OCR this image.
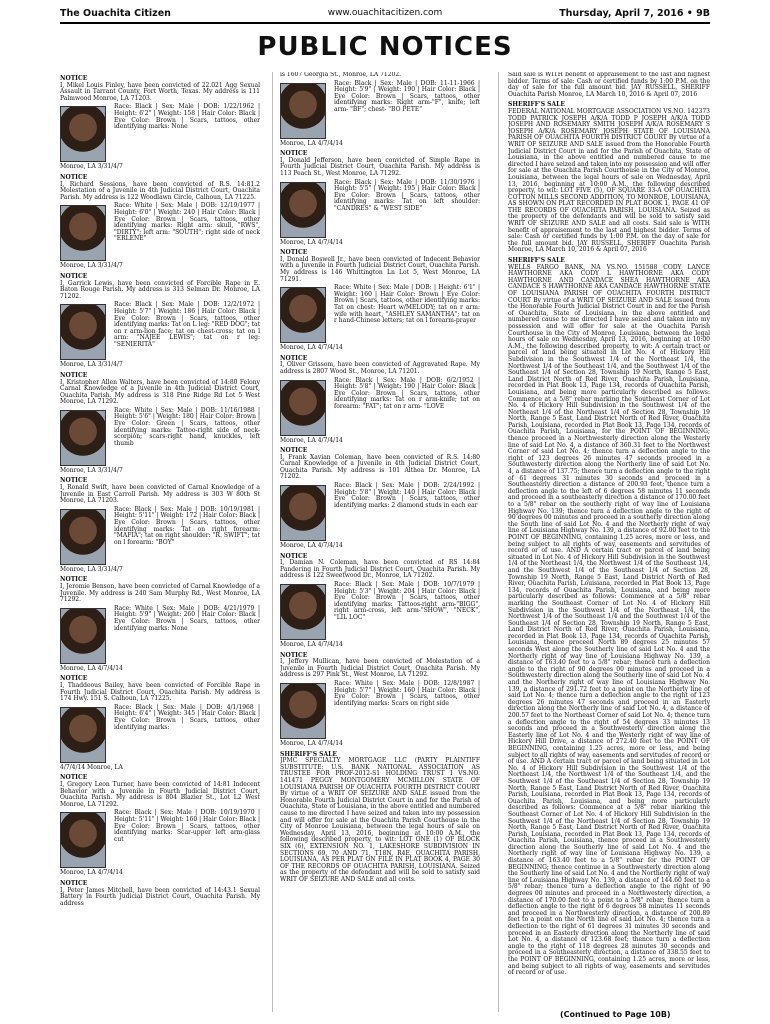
The Ouachita Citizen	www.ouachitacitizen.com	Thursday, April 7, 2016 • 9B
PUBLIC NOTICES
NOTICE
I, Mikel Louis Finley, have been convicted of 22.021 Agg Sexual Assault in Tarrant County, Fort Worth, Texas. My address is 111 Palmwood Monroe, LA 71203.
Race: Black | Sex: Male | DOB: 1/22/1962 | Height: 6'2" | Weight: 158 | Hair Color: Black | Eye Color: Brown | Scars, tattoos, other identifying marks: None
Monroe, LA 3/31/4/7
NOTICE
I, Richard Sessions, have been convicted of R.S. 14:81.2 Molestation of a Juvenile in 4th Judicial District Court, Ouachita Parish. My address is 122 Woodlawn Circle, Calhoun, LA 71225.
Race: White | Sex: Male | DOB: 12/19/1977 | Height: 6'0" | Weight: 240 | Hair Color: Black | Eye Color: Brown | Scars, tattoos, other identifying marks: Right arm: skull, "RWS", "DIRTY"; left arm: "SOUTH"; right side of neck "ERLENE"
Monroe, LA 3/31/4/7
NOTICE
I, Garrick Lewis, have been convicted of Forcible Rape in E. Baton Rouge Parish. My address is 313 Selman Dr. Monroe, LA 71202.
Race: Black | Sex: Male | DOB: 12/2/1972 | Height: 5'7" | Weight: 186 | Hair Color: Black | Eye Color: Brown | Scars, tattoos, other identifying marks: Tat on L leg: "RED DOG"; tat on r arm-lion face; tat on chest-cross; tat on l arm: "NAJEE LEWIS"; tat on r leg: "SENIERITA"
Monroe, LA 3/31/4/7
NOTICE
I, Kristopher Allen Walters, have been convicted of 14:80 Felony Carnal Knowledge of a Juvenile in 4th Judicial District Court, Ouachita Parish. My address is 318 Pine Ridge Rd Lot 5 West Monroe, LA 71292.
Race: White | Sex: Male | DOB: 11/16/1988 | Height: 5'6" | Weight: 180 | Hair Color: Brown | Eye Color: Green | Scars, tattoos, other identifying marks: Tattoo-right side of neck-scorpion; scars-right hand, knuckles, left thumb
Monroe, LA 3/31/4/7
NOTICE
I, Ronald Swift, have been convicted of Carnal Knowledge of a Juvenile in East Carroll Parish. My address is 303 W 80th St Monroe, LA 71203.
Race: Black | Sex: Male | DOB: 10/19/1981 | Height: 5'11" | Weight: 172 | Hair Color: Black | Eye Color: Brown | Scars, tattoos, other identifying marks: Tat on right forearm: "MAFIA"; tat on right shoulder: "R. SWIFT"; tat on l forearm: "BOY"
Monroe, LA 3/31/4/7
NOTICE
I, Jeromie Benson, have been convicted of Carnal Knowledge of a Juvenile. My address is 240 Sam Murphy Rd., West Monroe, LA 71292.
Race: White | Sex: Male | DOB: 4/21/1979 | Height: 5'9" | Weight: 260 | Hair Color: Black | Eye Color: Brown | Scars, tattoos, other identifying marks: None
Monroe, LA 4/7/4/14
NOTICE
I, Thaddeous Bailey, have been convicted of Forcible Rape in Fourth Judicial District Court, Ouachita Parish. My address is 174 Hwy. 151 S. Calhoun, LA 71225.
Race: Black | Sex: Male | DOB: 4/1/1968 | Height: 6'4" | Weight: 345 | Hair Color: Black | Eye Color: Brown | Scars, tattoos, other identifying marks:
4/7/4/14 Monroe, LA
NOTICE
I, Gregory Leon Turner, have been convicted of 14:81 Indecent Behavior with a Juvenile in Fourth Judicial District Court, Ouachita Parish. My address is 804 Blazier St., Lot L2 West Monroe, LA 71292.
Race: Black | Sex: Male | DOB: 10/19/1970 | Height: 5'11" | Weight: 160 | Hair Color: Black | Eye Color: Brown | Scars, tattoos, other identifying marks: Scar-upper left arm-glass cut
Monroe, LA 4/7/4/14
NOTICE
I, Peter James Mitchell, have been convicted of 14:43.1 Sexual Battery in Fourth Judicial District Court, Ouachita Parish. My address
is 1607 Georgia St., Monroe, LA 71202.
Race: Black | Sex: Male | DOB: 11-11-1966 | Height: 5'9" | Weight: 190 | Hair Color: Black | Eye Color: Brown | Scars, tattoos, other identifying marks: Right arm-"F", knife; left arm- "BF"; chest- "BO PETE"
Monroe, LA 4/7/4/14
NOTICE
I, Donald Jefferson, have been convicted of Simple Rape in Fourth Judicial District Court, Ouachita Parish. My address is 113 Peach St., West Monroe, LA 71292.
Race: Black | Sex: Male | DOB: 11/30/1976 | Height: 5'5" | Weight: 195 | Hair Color: Black | Eye Color: Brown | Scars, tattoos, other identifying marks: Tat on left shoulder: "CANDRES" & "WEST SIDE"
Monroe, LA 4/7/4/14
NOTICE
I, Donald Boswell Jr., have been convicted of Indecent Behavior with a Juvenile in Fourth Judicial District Court, Ouachita Parish. My address is 146 Whittington Ln Lot 5, West Monroe, LA 71291.
Race: White | Sex: Male | DOB: | Height: 6'1" | Weight: 160 | Hair Color: Brown | Eye Color: Brown | Scars, tattoos, other identifying marks: Tat on chest: Heart w/MELODY; tat on r arm: wife with heart, "ASHLEY SAMANTHA"; tat on r hand-Chinese letters; tat on l forearm-prayer
Monroe, LA 4/7/4/14
NOTICE
I, Oliver Grissom, have been convicted of Aggravated Rape. My address is 2807 Wood St., Monroe, LA 71201.
Race: Black | Sex: Male | DOB: 6/2/1952 | Height: 5'8" | Weight: 190 | Hair Color: Black | Eye Color: Brown | Scars, tattoos, other identifying marks: Tat on r arm-knife; tat on forearm: "FAT"; tat on r arm- "LOVE
Monroe, LA 4/7/4/14
NOTICE
I, Frank Xavian Coleman, have been convicted of R.S. 14:80 Carnal Knowledge of a Juvenile in 4th Judicial District Court, Ouachita Parish. My address is 101 Althea Dr. Monroe, LA 71202.
Race: Black | Sex: Male | DOB: 2/24/1992 | Height: 5'8" | Weight: 140 | Hair Color: Black | Eye Color: Brown | Scars, tattoos, other identifying marks: 2 diamond studs in each ear
Monroe, LA 4/7/4/14
NOTICE
I, Damian N. Coleman, have been convicted of RS 14:84 Pandering in Fourth Judicial District Court, Ouachita Parish. My address is 122 Sweetwood Dr., Monroe, LA 71202.
Race: Black | Sex: Male | DOB: 10/7/1979 | Height: 5'3" | Weight: 204 | Hair Color: Black | Eye Color: Brown | Scars, tattoos, other identifying marks: Tattoos-right arm-"BIGG", right arm-cross, left arm-"SHOW", "NECK", "LIL LOC"
Monroe, LA 4/7/4/14
NOTICE
I, Jeffery Mullican, have been convicted of Molestation of a Juvenile in Fourth Judicial District Court, Ouachita Parish. My address is 297 Pink St., West Monroe, LA 71292.
Race: White | Sex: Male | DOB: 12/8/1987 | Height: 5'7" | Weight: 160 | Hair Color: Black | Eye Color: Brown | Scars, tattoos, other identifying marks: Scars on right side
Monroe, LA 4/7/4/14
SHERIFF'S SALE
JPMC SPECIALTY MORTGAGE LLC (PARTY PLAINTIFF SUBSTITUTE: U.S. BANK NATIONAL ASSOCIATION AS TRUSTEE FOR PROF-2012-S1 HOLDING TRUST I VS.NO. 141471 PEGGY MONTGOMERY MCMILLON STATE OF LOUISIANA PARISH OF OUACHITA FOURTH DISTRICT COURT By virtue of a WRIT OF SEIZURE AND SALE issued from the Honorable Fourth Judicial District Court in and for the Parish of Ouachita, State of Louisiana, in the above entitled and numbered cause to me directed I have seized and taken into my possession and will offer for sale at the Ouachita Parish Courthouse in the City of Monroe Louisiana, between the legal hours of sale on Wednesday, April 13, 2016, beginning at 10:00 A.M., the following described property, to wit: LOT ONE (1) OF BLOCK SIX (6), EXTENSION NO. 1, LAKESHORE SUBDIVISION IN SECTIONS 69, 70 AND 71, T18N, R4E, OUACHITA PARISH, LOUISIANA, AS PER PLAT ON FILE IN PLAT BOOK 4, PAGE 30 OF THE RECORDS OF OUACHITA PARISH, LOUISIANA. Seized as the property of the defendant and will be sold to satisfy said WRIT OF SEIZURE AND SALE and all costs.
Said sale is WITH benefit of appraisement to the last and highest bidder. Terms of sale: Cash or certified funds by 1:00 P.M. on the day of sale for the full amount bid. JAY RUSSELL, SHERIFF Ouachita Parish Monroe, LA March 10, 2016 & April 07, 2016
SHERIFF'S SALE
FEDERAL NATIONAL MORTGAGE ASSOCIATION VS.NO. 142373 TODD PATRICK JOSEPH A/K/A TODD P JOSEPH A/K/A TODD JOSEPH AND ROSEMARY SMITH JOSEPH A/K/A ROSEMARY S JOSEPH A/K/A ROSEMARY JOSEPH STATE OF LOUISIANA PARISH OF OUACHITA FOURTH DISTRICT COURT By virtue of a WRIT OF SEIZURE AND SALE issued from the Honorable Fourth Judicial District Court in and for the Parish of Ouachita, State of Louisiana, in the above entitled and numbered cause to me directed I have seized and taken into my possession and will offer for sale at the Ouachita Parish Courthouse in the City of Monroe, Louisiana, between the legal hours of sale on Wednesday, April 13, 2016, beginning at 10:00 A.M., the following described property, to wit: LOT FIVE (5), OF SQUARE 33-A OF OUACHITA COTTON MILLS SECOND ADDITION, TO MONROE, LOUISIANA, AS SHOWN ON PLAT RECORDED IN PLAT BOOK 1, PAGE 41 OF THE RECORDS OF OUACHITA PARISH, LOUISIANA. Seized as the property of the defendants and will be sold to satisfy said WRIT OF SEIZURE AND SALE and all costs. Said sale is WITH benefit of appraisement to the last and highest bidder. Terms of sale: Cash or certified funds by 1:00 P.M. on the day of sale for the full amount bid. JAY RUSSELL, SHERIFF Ouachita Parish Monroe, LA March 10, 2016 & April 07, 2016
SHERIFF'S SALE
WELLS FARGO BANK, NA VS.NO. 151588 CODY LANCE HAWTHORNE AKA CODY L HAWTHORNE AKA CODY HAWTHORNE AND CANDACE SHEA HAWTHORNE AKA CANDACE S HAWTHORNE AKA CANDACE HAWTHORNE STATE OF LOUISIANA PARISH OF OUACHITA FOURTH DISTRICT COURT By virtue of a WRIT OF SEIZURE AND SALE issued from the Honorable Fourth Judicial District Court in and for the Parish of Ouachita, State of Louisiana, in the above entitled and numbered cause to me directed I have seized and taken into my possession and will offer for sale at the Ouachita Parish Courthouse in the City of Monroe, Louisiana, between the legal hours of sale on Wednesday, April 13, 2016, beginning at 10:00 A.M., the following described property, to wit: A certain tract or parcel of land being situated in Lot No. 4 of Hickory Hill Subdivision in the Southwest 1/4 of the Northeast 1/4, the Northwest 1/4 of the Southeast 1/4, and the Southwest 1/4 of the Southeast 1/4 of Section 28, Township 19 North, Range 5 East, Land District North of Red River, Ouachita Parish, Louisiana, recorded in Plat Book 13, Page 134, records of Ouachita Parish, Louisiana, and being more particularly described as follows: Commence at a 5/8" rebar marking the Southeast Corner of Lot No. 4 of Hickory Hill Subdivision in the Southwest 1/4 of the Northeast 1/4 of the Northeast 1/4 of Section 28, Township 19 North, Range 5 East, Land District North of Red River, Ouachita Parish, Louisiana, recorded in Plat Book 13, Page 134, records of Ouachita Parish, Louisiana, for the POINT OF BEGINNING; thence proceed in a Northwesterly direction along the Westerly line of said Lot No. 4, a distance of 360.31 feet to the Northwest Corner of said Lot No. 4; thence turn a deflection angle to the right of 123 degrees 26 minutes 47 seconds proceed in a Southwesterly direction along the Northerly line of said Lot No. 4, a distance of 137.75; thence turn a deflection angle to the right of 61 degrees 31 minutes 30 seconds and proceed in a Southeasterly direction a distance of 200.93 feet; thence turn a deflection angle to the left of 6 degrees 58 minutes 11 seconds and proceed in a southeasterly direction a distance of 170.00 feet to a 5/8" rebar on the southerly right of way line of Louisiana Highway No. 139; thence turn a deflection angle to the right of 90 degrees 00 minutes and proceed in a southerly direction along the South line of said Lot No. 4 and the Northerly right of way line of Louisiana Highway No. 139, a distance of 92.00 feet to the POINT OF BEGINNING, containing 1.25 acres, more or less, and being subject to all rights of way, easements and servitudes of record or of use. AND A certain tract or parcel of land being situated in Lot No. 4 of Hickory Hill Subdivision in the Southwest 1/4 of the Northeast 1/4, the Northwest 1/4 of the Southeast 1/4, and the Southwest 1/4 of the Southeast 1/4 of Section 28, Township 19 North, Range 5 East, Land District North of Red River, Ouachita Parish, Louisiana, recorded in Plat Book 13, Page 134, records of Ouachita Parish, Louisiana, and being more particularly described as follows: Commence at a 5/8" rebar marking the Southeast Corner of Lot No. 4 of Hickory Hill Subdivision in the Southwest 1/4 of the Northeast 1/4, the Northwest 1/4 of the Southeast 1/4 and the Southwest 1/4 of the Southeast 1/4 of Section 28, Township 19 North, Range 5 East, Land District North of Red River, Ouachita Parish, Louisiana, recorded in Plat Book 13, Page 134, records of Ouachita Parish, Louisiana, thence proceed North 89 degrees 25 minutes 57 seconds West along the Southerly line of said Lot No. 4 and the Northerly right of way line of Louisiana Highway No. 139, a distance of 163.40 feet to a 5/8" rebar; thence turn a deflection angle to the right of 90 degrees 00 minutes and proceed in a Southwesterly direction along the Southerly line of said Lot No. 4 and the Northerly right of way line of Louisiana Highway No. 139, a distance of 291.72 feet to a point on the Northerly line of said Lot No. 4; thence turn a deflection angle to the right of 123 degrees 26 minutes 47 seconds and proceed in an Easterly direction along the Northerly line of said Lot No. 4, a distance of 200.57 feet to the Northeast Corner of said Lot No. 4; thence turn a deflection angle to the right of 54 degrees 33 minutes 13 seconds and proceed in a Southwesterly direction along the Easterly line of Lot No. 4 and the Westerly right of way line of Hickory Hill Drive, a distance of 272.40 feet to the POINT OF BEGINNING, containing 1.25 acres, more or less, and being subject to all rights of way, easements and servitudes of record or of use. AND A certain tract or parcel of land being situated in Lot No. 4 of Hickory Hill Subdivision in the Southwest 1/4 of the Northeast 1/4, the Northwest 1/4 of the Southeast 1/4, and the Southwest 1/4 of the Southeast 1/4 of Section 28, Township 19 North, Range 5 East, Land District North of Red River, Ouachita Parish, Louisiana, recorded in Plat Book 13, Page 134, records of Ouachita Parish, Louisiana, and being more particularly described as follows: Commence at a 5/8" rebar marking the Southeast Corner of Lot No. 4 of Hickory Hill Subdivision in the Southwest 1/4 of the Northeast 1/4 of Section 28, Township 19 North, Range 5 East, Land District North of Red River, Ouachita Parish, Louisiana, recorded in Plat Book 13, Page 134, records of Ouachita Parish, Louisiana, thence proceed in a Southwesterly direction along the Southerly line of said Lot No. 4 and the Northerly right of way line of Louisiana Highway No. 139, a distance of 163.40 feet to a 5/8" rebar for the POINT OF BEGINNING; thence continue in a Southwesterly direction along the Southerly line of said Lot No. 4 and the Northerly right of way line of Louisiana Highway No. 139, a distance of 144.60 feet to a 5/8" rebar; thence turn a deflection angle to the right of 90 degrees 00 minutes and proceed in a Northwesterly direction, a distance of 170.00 feet to a point to a 5/8" rebar; thence turn a deflection angle to the right of 6 degrees 58 minutes 11 seconds and proceed in a Northwesterly direction, a distance of 200.89 feet to a point on the North line of said Lot No. 4; thence turn a deflection to the right of 61 degrees 31 minutes 30 seconds and proceed in an Easterly direction along the Northerly line of said Lot No. 4, a distance of 123.68 feet; thence turn a deflection angle to the right of 118 degrees 28 minutes 30 seconds and proceed in a Southeasterly direction, a distance of 338.55 feet to the POINT OF BEGINNING, containing 1.25 acres, more or less, and being subject to all rights of way, easements and servitudes of record or of use.
(Continued to Page 10B)
